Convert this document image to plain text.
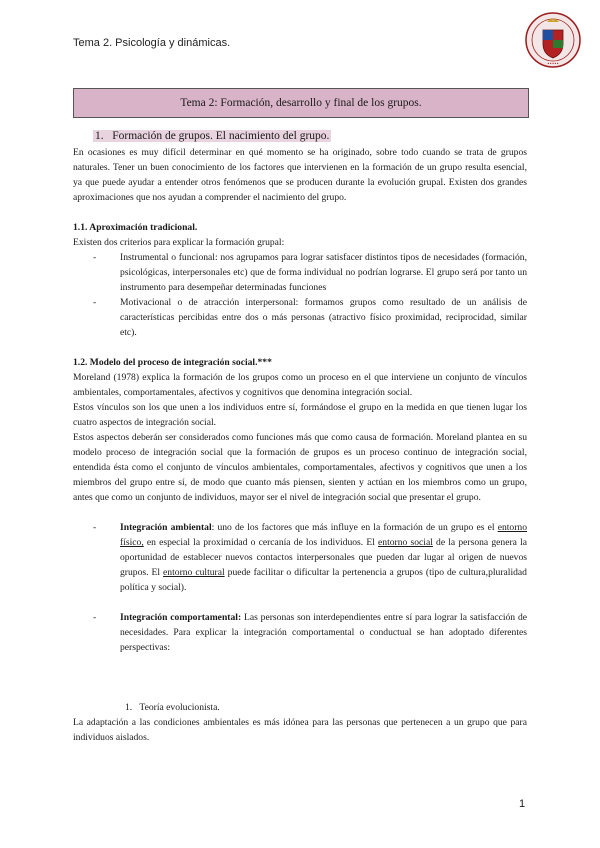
Tema 2. Psicología y dinámicas.
•••••
Tema 2: Formación, desarrollo y final de los grupos.
1. Formación de grupos. El nacimiento del grupo.

En ocasiones es muy difícil determinar en qué momento se ha originado, sobre todo cuando se trata de grupos naturales. Tener un buen conocimiento de los factores que intervienen en la formación de un grupo resulta esencial, ya que puede ayudar a entender otros fenómenos que se producen durante la evolución grupal. Existen dos grandes aproximaciones que nos ayudan a comprender el nacimiento del grupo.

1.1. Aproximación tradicional.

Existen dos criterios para explicar la formación grupal:

- Instrumental o funcional: nos agrupamos para lograr satisfacer distintos tipos de necesidades (formación, psicológicas, interpersonales etc) que de forma individual no podrían lograrse. El grupo será por tanto un instrumento para desempeñar determinadas funciones
- Motivacional o de atracción interpersonal: formamos grupos como resultado de un análisis de características percibidas entre dos o más personas (atractivo físico proximidad, reciprocidad, similar etc).

1.2. Modelo del proceso de integración social.***

Moreland (1978) explica la formación de los grupos como un proceso en el que interviene un conjunto de vínculos ambientales, comportamentales, afectivos y cognitivos que denomina integración social.

Estos vínculos son los que unen a los individuos entre sí, formándose el grupo en la medida en que tienen lugar los cuatro aspectos de integración social.

Estos aspectos deberán ser considerados como funciones más que como causa de formación. Moreland plantea en su modelo proceso de integración social que la formación de grupos es un proceso continuo de integración social, entendida ésta como el conjunto de vínculos ambientales, comportamentales, afectivos y cognitivos que unen a los miembros del grupo entre sí, de modo que cuanto más piensen, sienten y actúan en los miembros como un grupo, antes que como un conjunto de individuos, mayor ser el nivel de integración social que presentar el grupo.

- Integración ambiental: uno de los factores que más influye en la formación de un grupo es el entorno físico, en especial la proximidad o cercanía de los individuos. El entorno social de la persona genera la oportunidad de establecer nuevos contactos interpersonales que pueden dar lugar al origen de nuevos grupos. El entorno cultural puede facilitar o dificultar la pertenencia a grupos (tipo de cultura,pluralidad política y social).
- Integración comportamental: Las personas son interdependientes entre sí para lograr la satisfacción de necesidades. Para explicar la integración comportamental o conductual se han adoptado diferentes perspectivas:

1. Teoría evolucionista.

La adaptación a las condiciones ambientales es más idónea para las personas que pertenecen a un grupo que para individuos aislados.

1
